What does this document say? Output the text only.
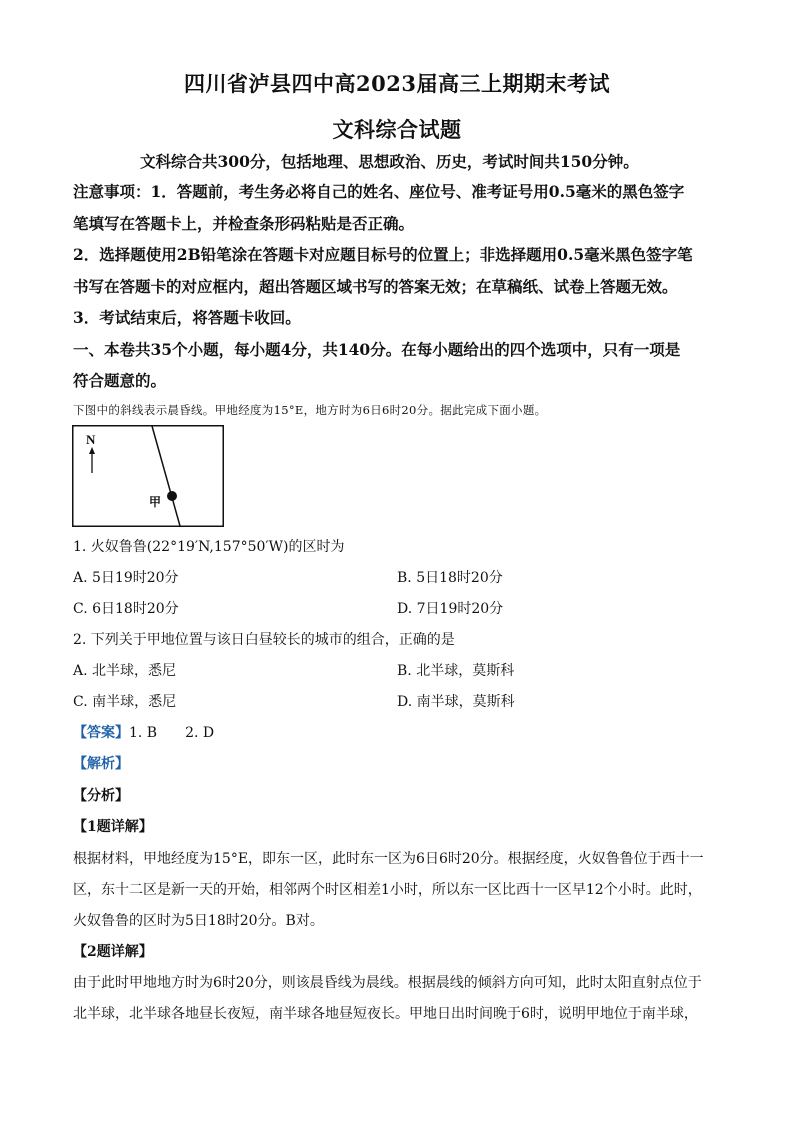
四川省泸县四中高2023届高三上期期末考试
文科综合试题
文科综合共300分，包括地理、思想政治、历史，考试时间共150分钟。
注意事项：1．答题前，考生务必将自己的姓名、座位号、准考证号用0.5毫米的黑色签字
笔填写在答题卡上，并检查条形码粘贴是否正确。
2．选择题使用2B铅笔涂在答题卡对应题目标号的位置上；非选择题用0.5毫米黑色签字笔
书写在答题卡的对应框内，超出答题区域书写的答案无效；在草稿纸、试卷上答题无效。
3．考试结束后，将答题卡收回。
一、本卷共35个小题，每小题4分，共140分。在每小题给出的四个选项中，只有一项是
符合题意的。
下图中的斜线表示晨昏线。甲地经度为15°E，地方时为6日6时20分。据此完成下面小题。
N
甲
1. 火奴鲁鲁(22°19′N,157°50′W)的区时为
A. 5日19时20分	B. 5日18时20分
C. 6日18时20分	D. 7日19时20分
2. 下列关于甲地位置与该日白昼较长的城市的组合，正确的是
A. 北半球，悉尼	B. 北半球，莫斯科
C. 南半球，悉尼	D. 南半球，莫斯科
【答案】1. B　　2. D
【解析】
【分析】
【1题详解】
根据材料，甲地经度为15°E，即东一区，此时东一区为6日6时20分。根据经度，火奴鲁鲁位于西十一
区，东十二区是新一天的开始，相邻两个时区相差1小时，所以东一区比西十一区早12个小时。此时，
火奴鲁鲁的区时为5日18时20分。B对。
【2题详解】
由于此时甲地地方时为6时20分，则该晨昏线为晨线。根据晨线的倾斜方向可知，此时太阳直射点位于
北半球，北半球各地昼长夜短，南半球各地昼短夜长。甲地日出时间晚于6时，说明甲地位于南半球，
